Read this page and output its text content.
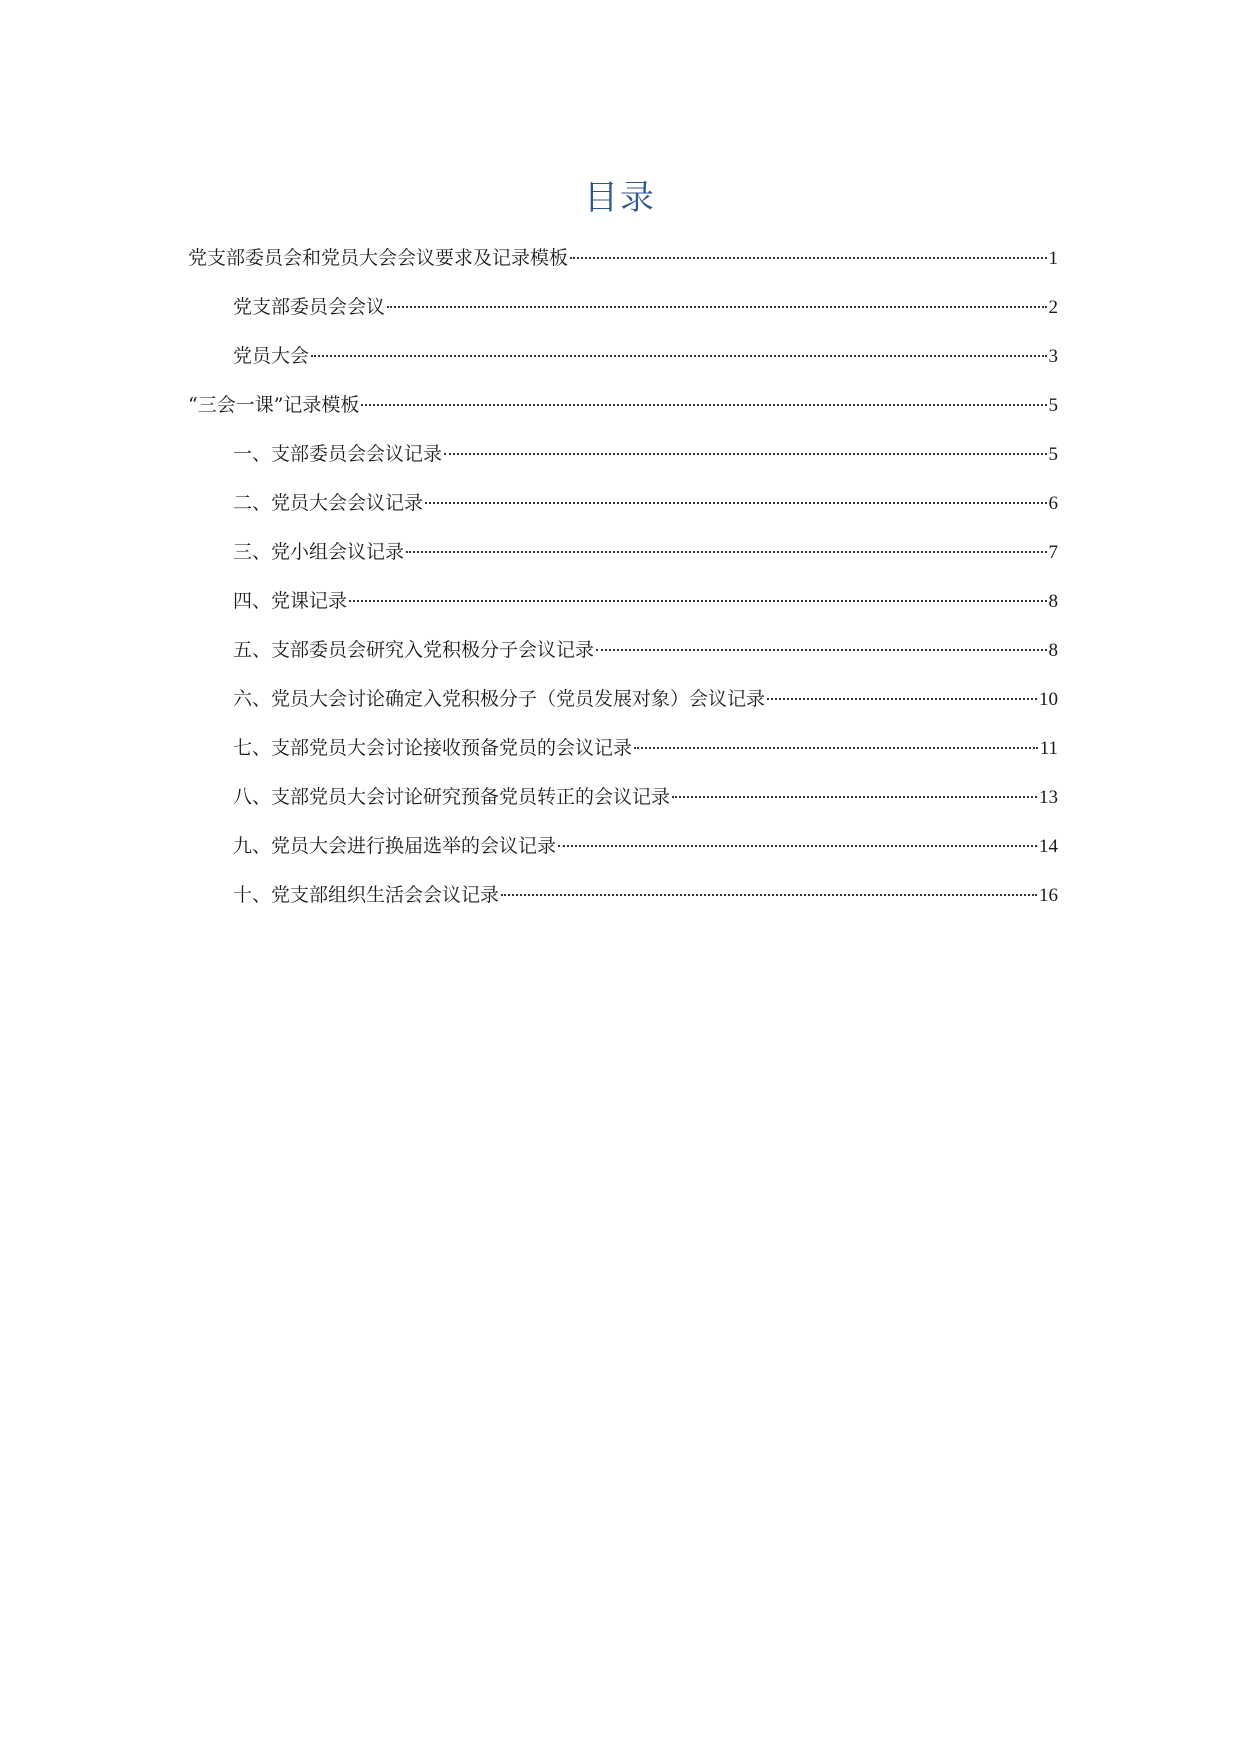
目录
党支部委员会和党员大会会议要求及记录模板	1
党支部委员会会议	2
党员大会	3
“三会一课”记录模板	5
一、支部委员会会议记录	5
二、党员大会会议记录	6
三、党小组会议记录	7
四、党课记录	8
五、支部委员会研究入党积极分子会议记录	8
六、党员大会讨论确定入党积极分子（党员发展对象）会议记录	10
七、支部党员大会讨论接收预备党员的会议记录	11
八、支部党员大会讨论研究预备党员转正的会议记录	13
九、党员大会进行换届选举的会议记录	14
十、党支部组织生活会会议记录	16
